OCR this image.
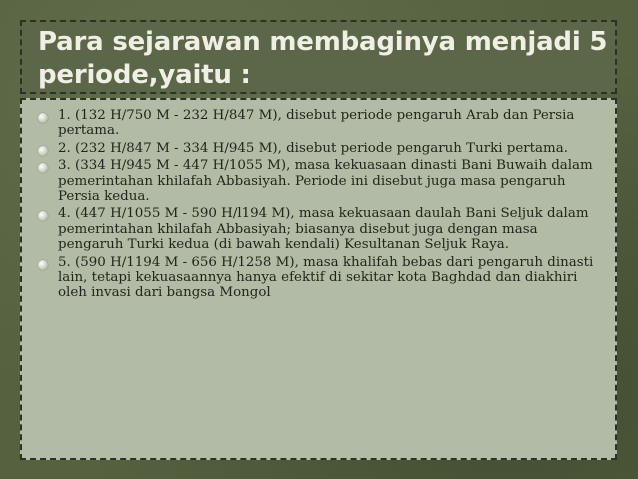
Para sejarawan membaginya menjadi 5 periode,yaitu :
1. (132 H/750 M - 232 H/847 M), disebut periode pengaruh Arab dan Persia pertama.
2. (232 H/847 M - 334 H/945 M), disebut periode pengaruh Turki pertama.
3. (334 H/945 M - 447 H/1055 M), masa kekuasaan dinasti Bani Buwaih dalam pemerintahan khilafah Abbasiyah. Periode ini disebut juga masa pengaruh Persia kedua.
4. (447 H/1055 M - 590 H/l194 M), masa kekuasaan daulah Bani Seljuk dalam pemerintahan khilafah Abbasiyah; biasanya disebut juga dengan masa pengaruh Turki kedua (di bawah kendali) Kesultanan Seljuk Raya.
5. (590 H/1194 M - 656 H/1258 M), masa khalifah bebas dari pengaruh dinasti lain, tetapi kekuasaannya hanya efektif di sekitar kota Baghdad dan diakhiri oleh invasi dari bangsa Mongol
